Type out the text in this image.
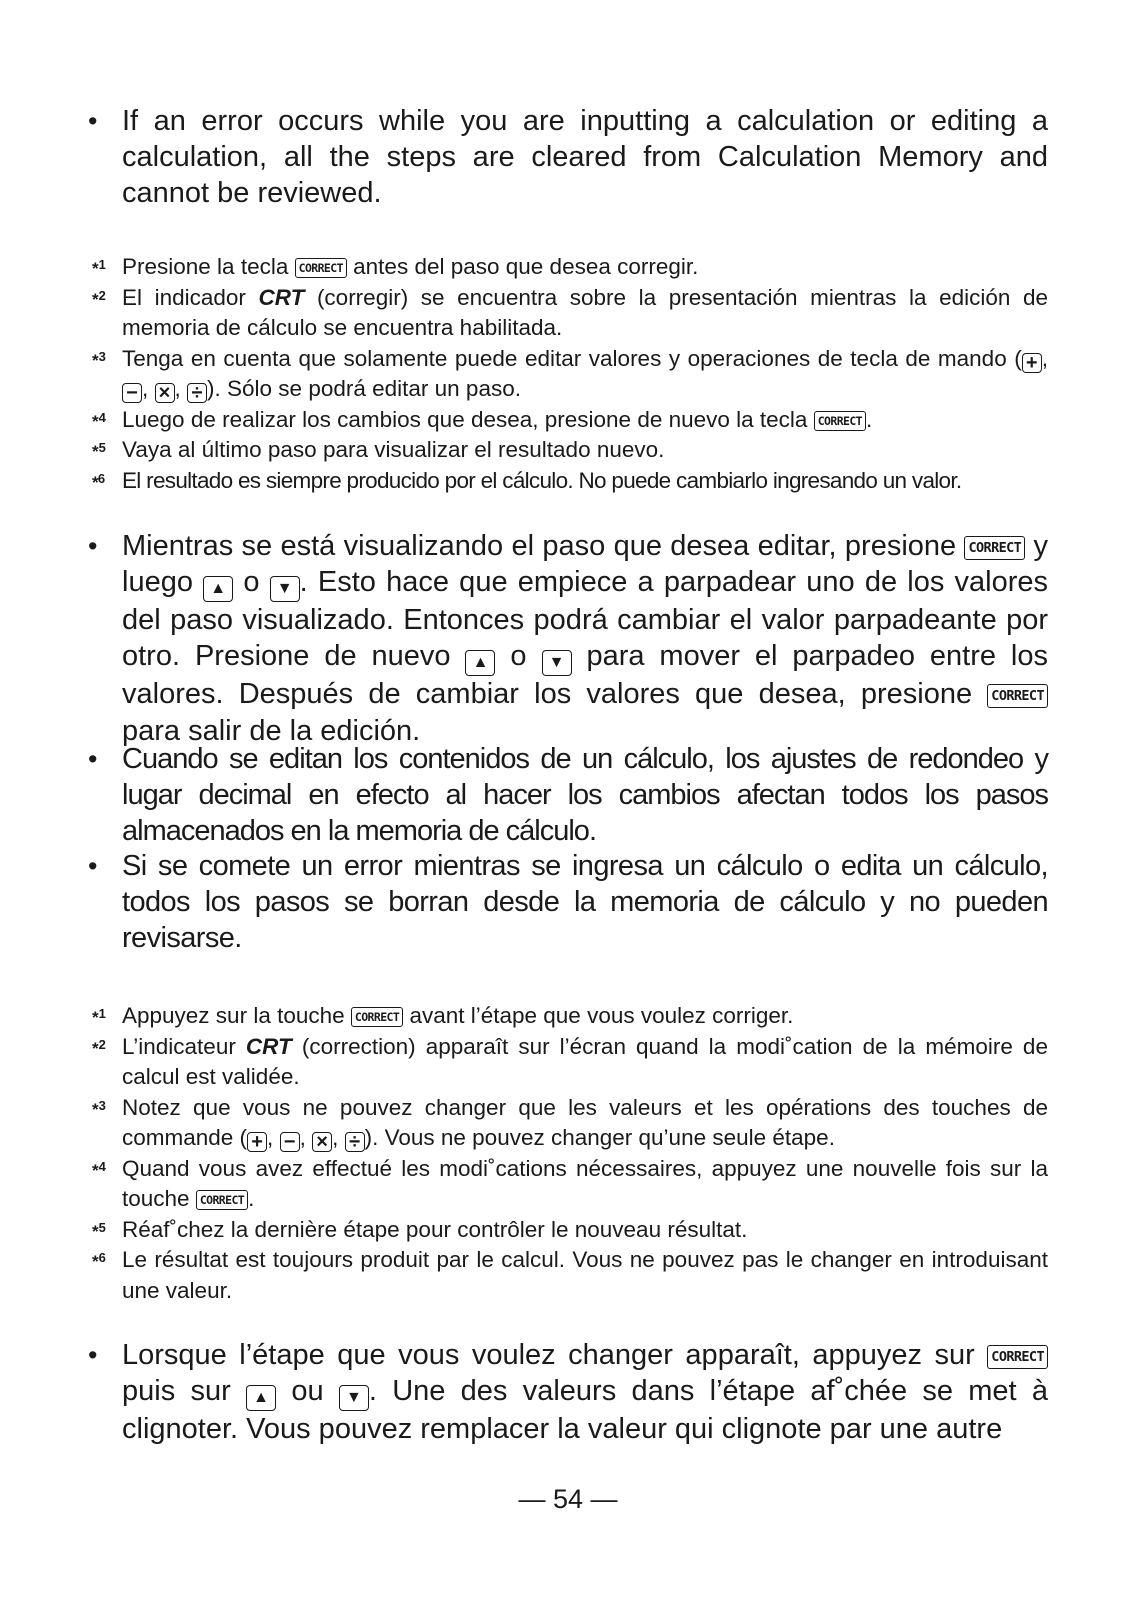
• If an error occurs while you are inputting a calculation or editing a calculation, all the steps are cleared from Calculation Memory and cannot be reviewed.
*$^1$ Presione la tecla CORRECT antes del paso que desea corregir.
*$^2$ El indicador CRT (corregir) se encuentra sobre la presentación mientras la edición de memoria de cálculo se encuentra habilitada.
*$^3$ Tenga en cuenta que solamente puede editar valores y operaciones de tecla de mando ( + , − , × , ÷ ). Sólo se podrá editar un paso.
*$^4$ Luego de realizar los cambios que desea, presione de nuevo la tecla CORRECT .
*$^5$ Vaya al último paso para visualizar el resultado nuevo.
*$^6$ El resultado es siempre producido por el cálculo. No puede cambiarlo ingresando un valor.
• Mientras se está visualizando el paso que desea editar, presione CORRECT y luego ▲ o ▼ . Esto hace que empiece a parpadear uno de los valores del paso visualizado. Entonces podrá cambiar el valor parpadeante por otro. Presione de nuevo ▲ o ▼ para mover el parpadeo entre los valores. Después de cambiar los valores que desea, presione CORRECT para salir de la edición.
• Cuando se editan los contenidos de un cálculo, los ajustes de redondeo y lugar decimal en efecto al hacer los cambios afectan todos los pasos almacenados en la memoria de cálculo.
• Si se comete un error mientras se ingresa un cálculo o edita un cálculo, todos los pasos se borran desde la memoria de cálculo y no pueden revisarse.
*$^1$ Appuyez sur la touche CORRECT avant l’étape que vous voulez corriger.
*$^2$ L’indicateur CRT (correction) apparaît sur l’écran quand la modi˚cation de la mémoire de calcul est validée.
*$^3$ Notez que vous ne pouvez changer que les valeurs et les opérations des touches de commande ( + , − , × , ÷ ). Vous ne pouvez changer qu’une seule étape.
*$^4$ Quand vous avez effectué les modi˚cations nécessaires, appuyez une nouvelle fois sur la touche CORRECT .
*$^5$ Réaf˚chez la dernière étape pour contrôler le nouveau résultat.
*$^6$ Le résultat est toujours produit par le calcul. Vous ne pouvez pas le changer en introduisant une valeur.
• Lorsque l’étape que vous voulez changer apparaît, appuyez sur CORRECT puis sur ▲ ou ▼ . Une des valeurs dans l’étape af˚chée se met à clignoter. Vous pouvez remplacer la valeur qui clignote par une autre
— 54 —
